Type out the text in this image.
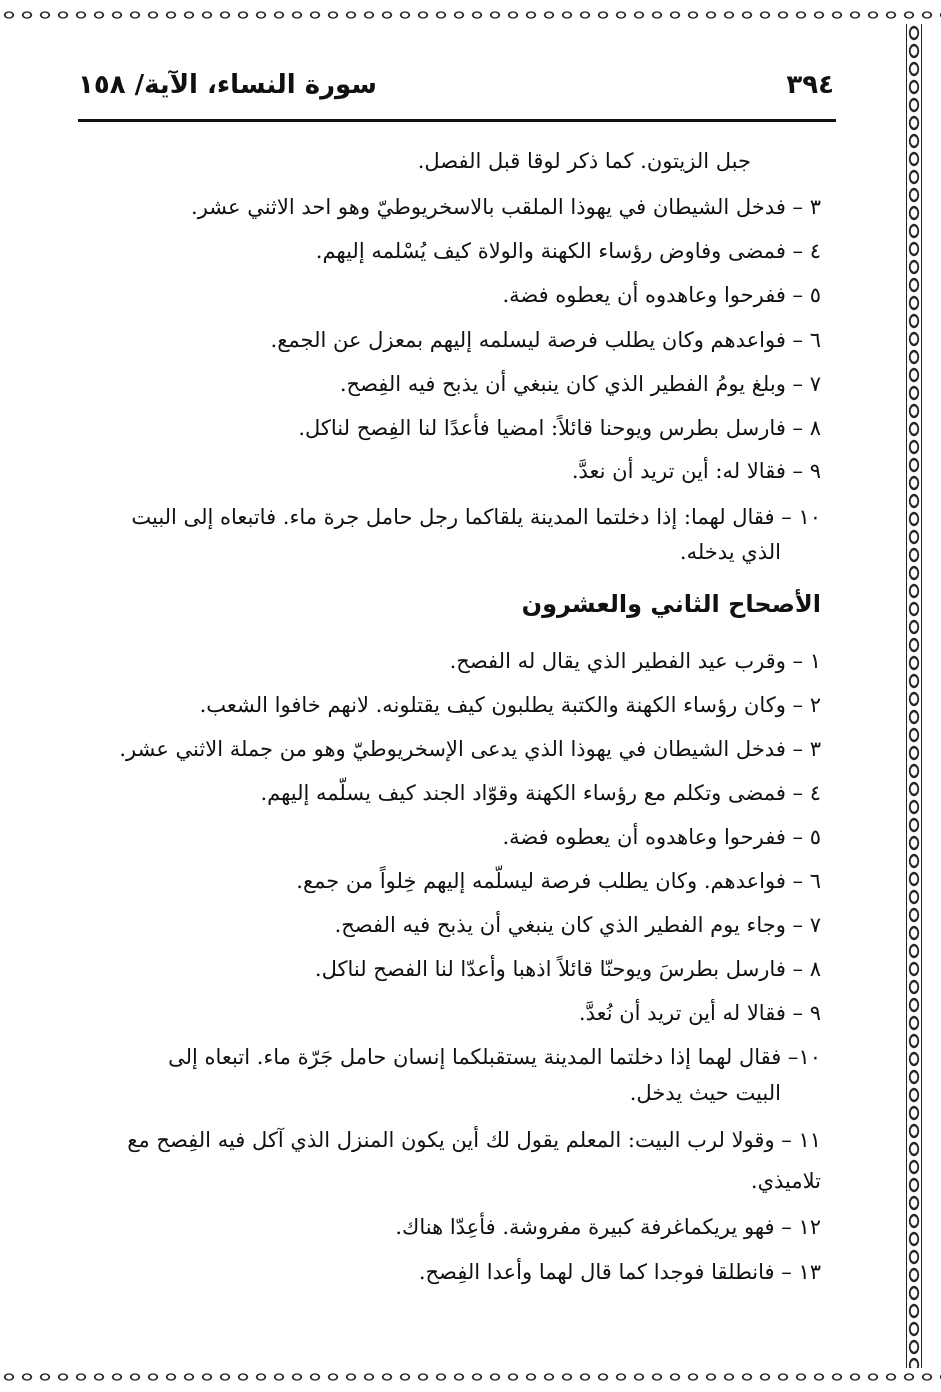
٣٩٤
سورة النساء، الآية/ ١٥٨
جبل الزيتون. كما ذكر لوقا قبل الفصل.
٣ – فدخل الشيطان في يهوذا الملقب بالاسخريوطيّ وهو احد الاثني عشر.
٤ – فمضى وفاوض رؤساء الكهنة والولاة كيف يُسْلمه إليهم.
٥ – ففرحوا وعاهدوه أن يعطوه فضة.
٦ – فواعدهم وكان يطلب فرصة ليسلمه إليهم بمعزل عن الجمع.
٧ – وبلغ يومُ الفطير الذي كان ينبغي أن يذبح فيه الفِصح.
٨ – فارسل بطرس ويوحنا قائلاً: امضيا فأعدًا لنا الفِصح لناكل.
٩ – فقالا له: أين تريد أن نعدَّ.
١٠ – فقال لهما: إذا دخلتما المدينة يلقاكما رجل حامل جرة ماء. فاتبعاه إلى البيت
الذي يدخله.
الأصحاح الثاني والعشرون
١ – وقرب عيد الفطير الذي يقال له الفصح.
٢ – وكان رؤساء الكهنة والكتبة يطلبون كيف يقتلونه. لانهم خافوا الشعب.
٣ – فدخل الشيطان في يهوذا الذي يدعى الإسخريوطيّ وهو من جملة الاثني عشر.
٤ – فمضى وتكلم مع رؤساء الكهنة وقوّاد الجند كيف يسلّمه إليهم.
٥ – ففرحوا وعاهدوه أن يعطوه فضة.
٦ – فواعدهم. وكان يطلب فرصة ليسلّمه إليهم خِلواً من جمع.
٧ – وجاء يوم الفطير الذي كان ينبغي أن يذبح فيه الفصح.
٨ – فارسل بطرسَ ويوحنّا قائلاً اذهبا وأعدّا لنا الفصح لناكل.
٩ – فقالا له أين تريد أن نُعدَّ.
١٠– فقال لهما إذا دخلتما المدينة يستقبلكما إنسان حامل جَرّة ماء. اتبعاه إلى
البيت حيث يدخل.
١١ – وقولا لرب البيت: المعلم يقول لك أين يكون المنزل الذي آكل فيه الفِصح مع
تلاميذي.
١٢ – فهو يريكماغرفة كبيرة مفروشة. فأعِدّا هناك.
١٣ – فانطلقا فوجدا كما قال لهما وأعدا الفِصح.
